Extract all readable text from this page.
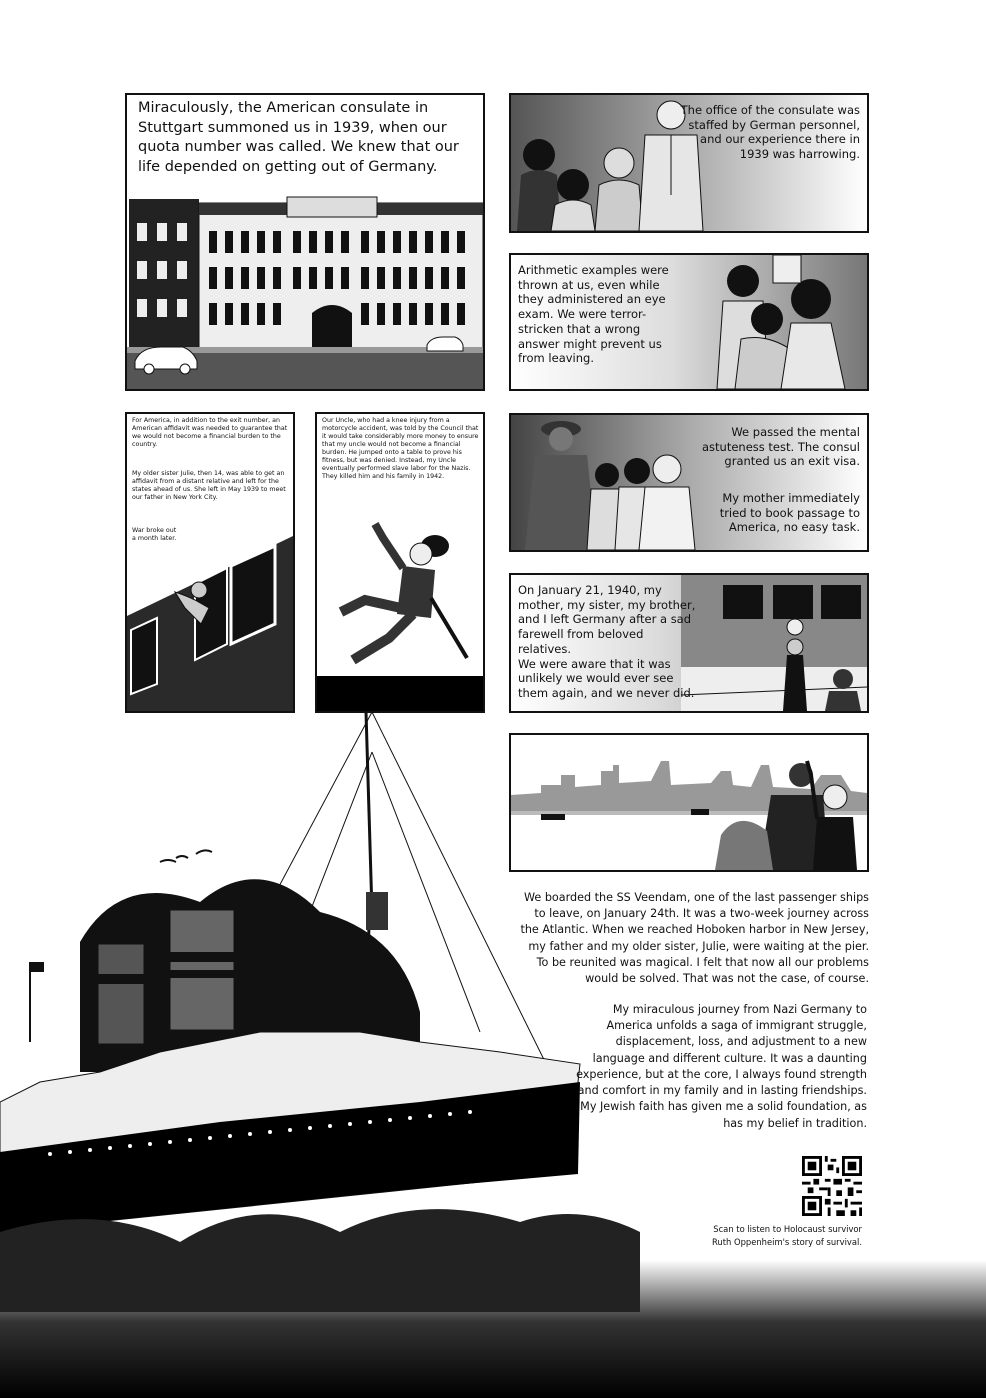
Miraculously, the American consulate in Stuttgart summoned us in 1939, when our quota number was called. We knew that our life depended on getting out of Germany.
The office of the consulate was
staffed by German personnel,
and our experience there in
1939 was harrowing.
Arithmetic examples were
thrown at us, even while
they administered an eye
exam. We were terror-
stricken that a wrong
answer might prevent us
from leaving.
For America, in addition to the exit number, an American affidavit was needed to guarantee that we would not become a financial burden to the country.
My older sister Julie, then 14, was able to get an affidavit from a distant relative and left for the states ahead of us. She left in May 1939 to meet our father in New York City.
War broke out
a month later.
Our Uncle, who had a knee injury from a motorcycle accident, was told by the Council that it would take considerably more money to ensure that my uncle would not become a financial burden. He jumped onto a table to prove his fitness, but was denied. Instead, my Uncle eventually performed slave labor for the Nazis. They killed him and his family in 1942.
We passed the mental
astuteness test. The consul
granted us an exit visa.
My mother immediately
tried to book passage to
America, no easy task.
On January 21, 1940, my
mother, my sister, my brother,
and I left Germany after a sad
farewell from beloved relatives.
We were aware that it was
unlikely we would ever see
them again, and we never did.
We boarded the SS Veendam, one of the last passenger ships
to leave, on January 24th. It was a two-week journey across
the Atlantic. When we reached Hoboken harbor in New Jersey,
my father and my older sister, Julie, were waiting at the pier.
To be reunited was magical. I felt that now all our problems
would be solved. That was not the case, of course.
My miraculous journey from Nazi Germany to
America unfolds a saga of immigrant struggle,
displacement, loss, and adjustment to a new
language and different culture. It was a daunting
experience, but at the core, I always found strength
and comfort in my family and in lasting friendships.
My Jewish faith has given me a solid foundation, as
has my belief in tradition.
Scan to listen to Holocaust survivor
Ruth Oppenheim's story of survival.
